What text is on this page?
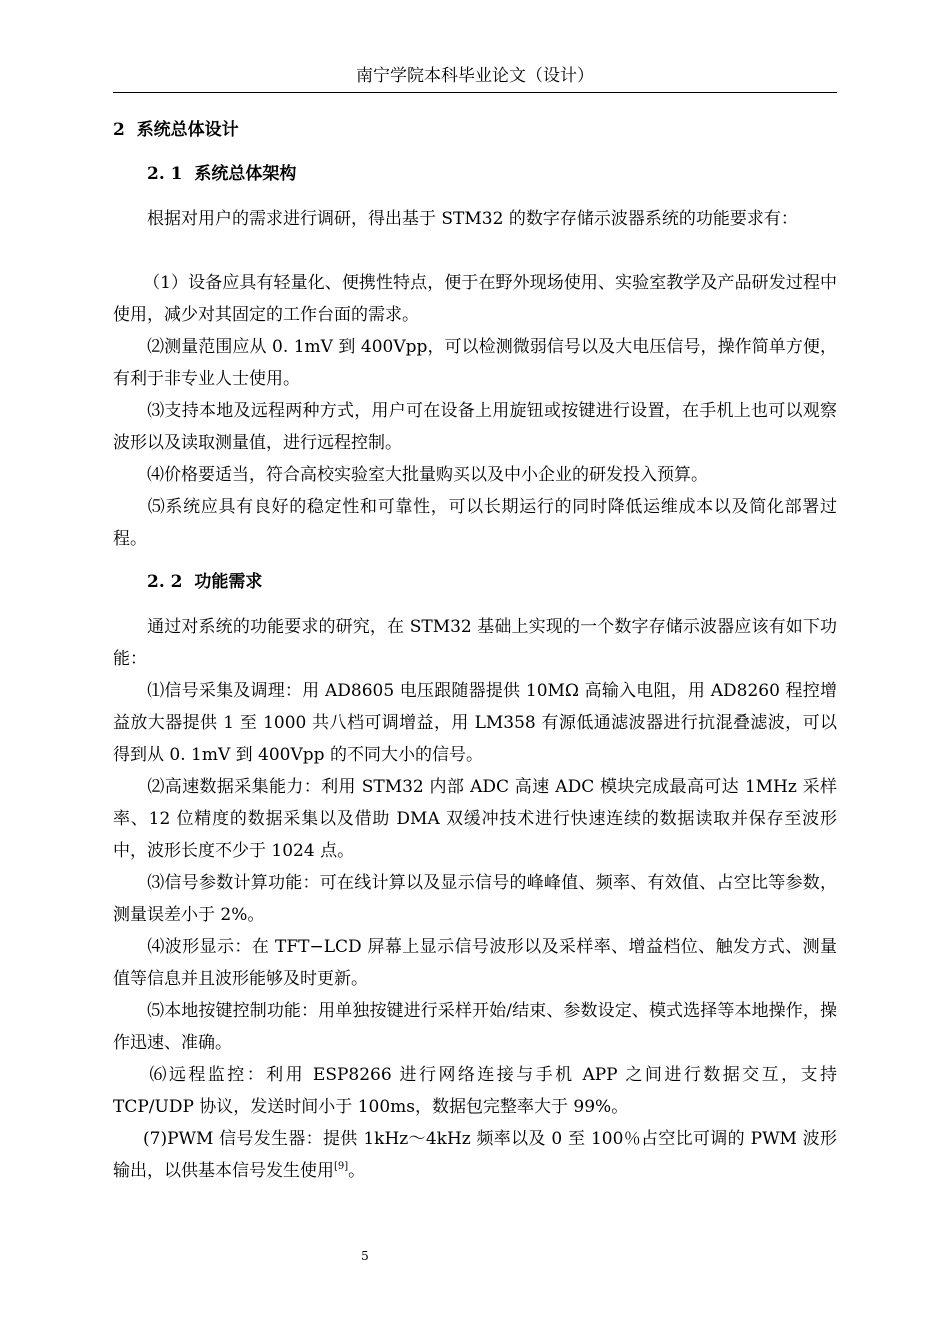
南宁学院本科毕业论文（设计）
2 系统总体设计
2. 1 系统总体架构

根据对用户的需求进行调研，得出基于 STM32 的数字存储示波器系统的功能要求有：

（1）设备应具有轻量化、便携性特点，便于在野外现场使用、实验室教学及产品研发过程中使用，减少对其固定的工作台面的需求。

⑵测量范围应从 0. 1mV 到 400Vpp，可以检测微弱信号以及大电压信号，操作简单方便，有利于非专业人士使用。

⑶支持本地及远程两种方式，用户可在设备上用旋钮或按键进行设置，在手机上也可以观察波形以及读取测量值，进行远程控制。

⑷价格要适当，符合高校实验室大批量购买以及中小企业的研发投入预算。

⑸系统应具有良好的稳定性和可靠性，可以长期运行的同时降低运维成本以及简化部署过程。

2. 2 功能需求

通过对系统的功能要求的研究，在 STM32 基础上实现的一个数字存储示波器应该有如下功能：

⑴信号采集及调理：用 AD8605 电压跟随器提供 10MΩ 高输入电阻，用 AD8260 程控增益放大器提供 1 至 1000 共八档可调增益，用 LM358 有源低通滤波器进行抗混叠滤波，可以得到从 0. 1mV 到 400Vpp 的不同大小的信号。

⑵高速数据采集能力：利用 STM32 内部 ADC 高速 ADC 模块完成最高可达 1MHz 采样率、12 位精度的数据采集以及借助 DMA 双缓冲技术进行快速连续的数据读取并保存至波形中，波形长度不少于 1024 点。

⑶信号参数计算功能：可在线计算以及显示信号的峰峰值、频率、有效值、占空比等参数，测量误差小于 2%。

⑷波形显示：在 TFT−LCD 屏幕上显示信号波形以及采样率、增益档位、触发方式、测量值等信息并且波形能够及时更新。

⑸本地按键控制功能：用单独按键进行采样开始/结束、参数设定、模式选择等本地操作，操作迅速、准确。

⑹远程监控：利用 ESP8266 进行网络连接与手机 APP 之间进行数据交互，支持 TCP/UDP 协议，发送时间小于 100ms，数据包完整率大于 99%。

(7)PWM 信号发生器：提供 1kHz～4kHz 频率以及 0 至 100％占空比可调的 PWM 波形输出，以供基本信号发生使用[9]。

5
